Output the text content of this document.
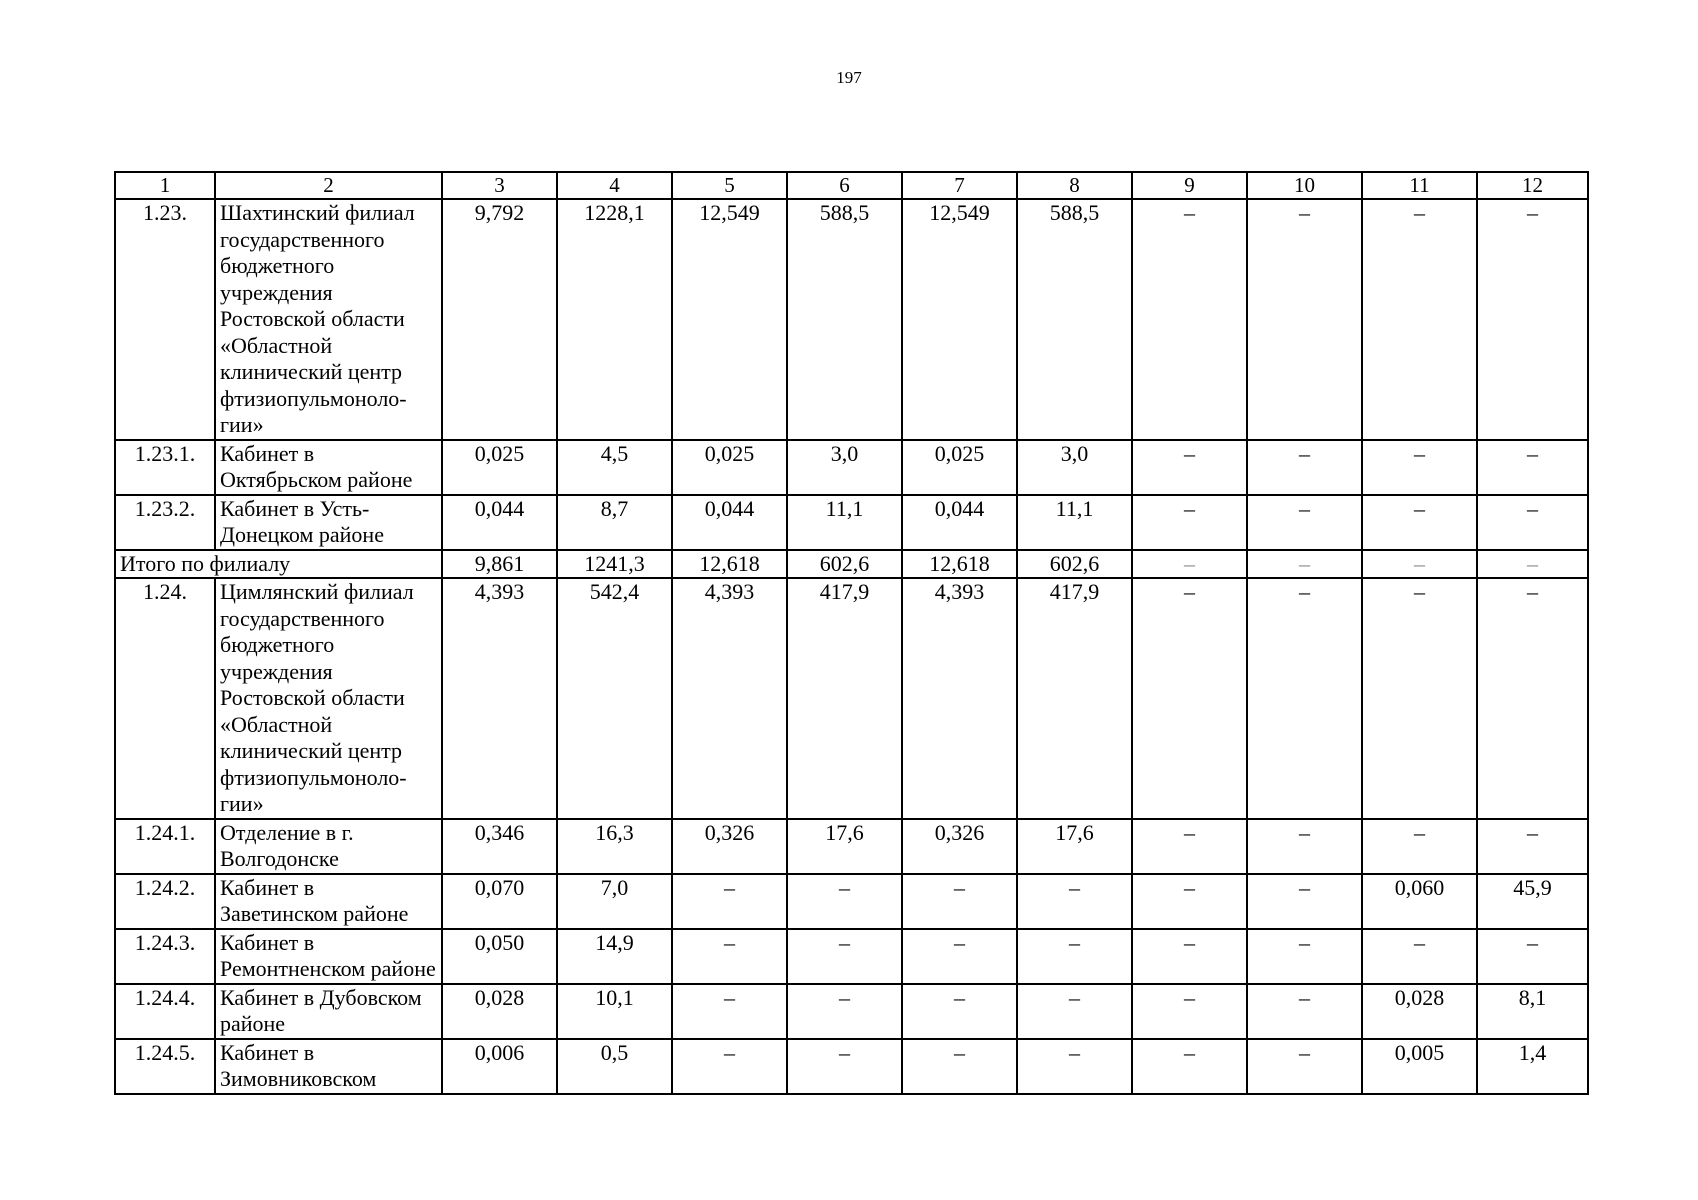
197
1	2	3	4	5	6	7	8	9	10	11	12
1.23.	Шахтинский филиал государственного бюджетного учреждения Ростовской области «Областной клинический центр фтизиопульмоноло-гии»	9,792	1228,1	12,549	588,5	12,549	588,5	–	–	–	–
1.23.1.	Кабинет в Октябрьском районе	0,025	4,5	0,025	3,0	0,025	3,0	–	–	–	–
1.23.2.	Кабинет в Усть-Донецком районе	0,044	8,7	0,044	11,1	0,044	11,1	–	–	–	–
Итого по филиалу		9,861	1241,3	12,618	602,6	12,618	602,6	–	–	–	–
1.24.	Цимлянский филиал государственного бюджетного учреждения Ростовской области «Областной клинический центр фтизиопульмоноло-гии»	4,393	542,4	4,393	417,9	4,393	417,9	–	–	–	–
1.24.1.	Отделение в г. Волгодонске	0,346	16,3	0,326	17,6	0,326	17,6	–	–	–	–
1.24.2.	Кабинет в Заветинском районе	0,070	7,0	–	–	–	–	–	–	0,060	45,9
1.24.3.	Кабинет в Ремонтненском районе	0,050	14,9	–	–	–	–	–	–	–	–
1.24.4.	Кабинет в Дубовском районе	0,028	10,1	–	–	–	–	–	–	0,028	8,1
1.24.5.	Кабинет в Зимовниковском	0,006	0,5	–	–	–	–	–	–	0,005	1,4
